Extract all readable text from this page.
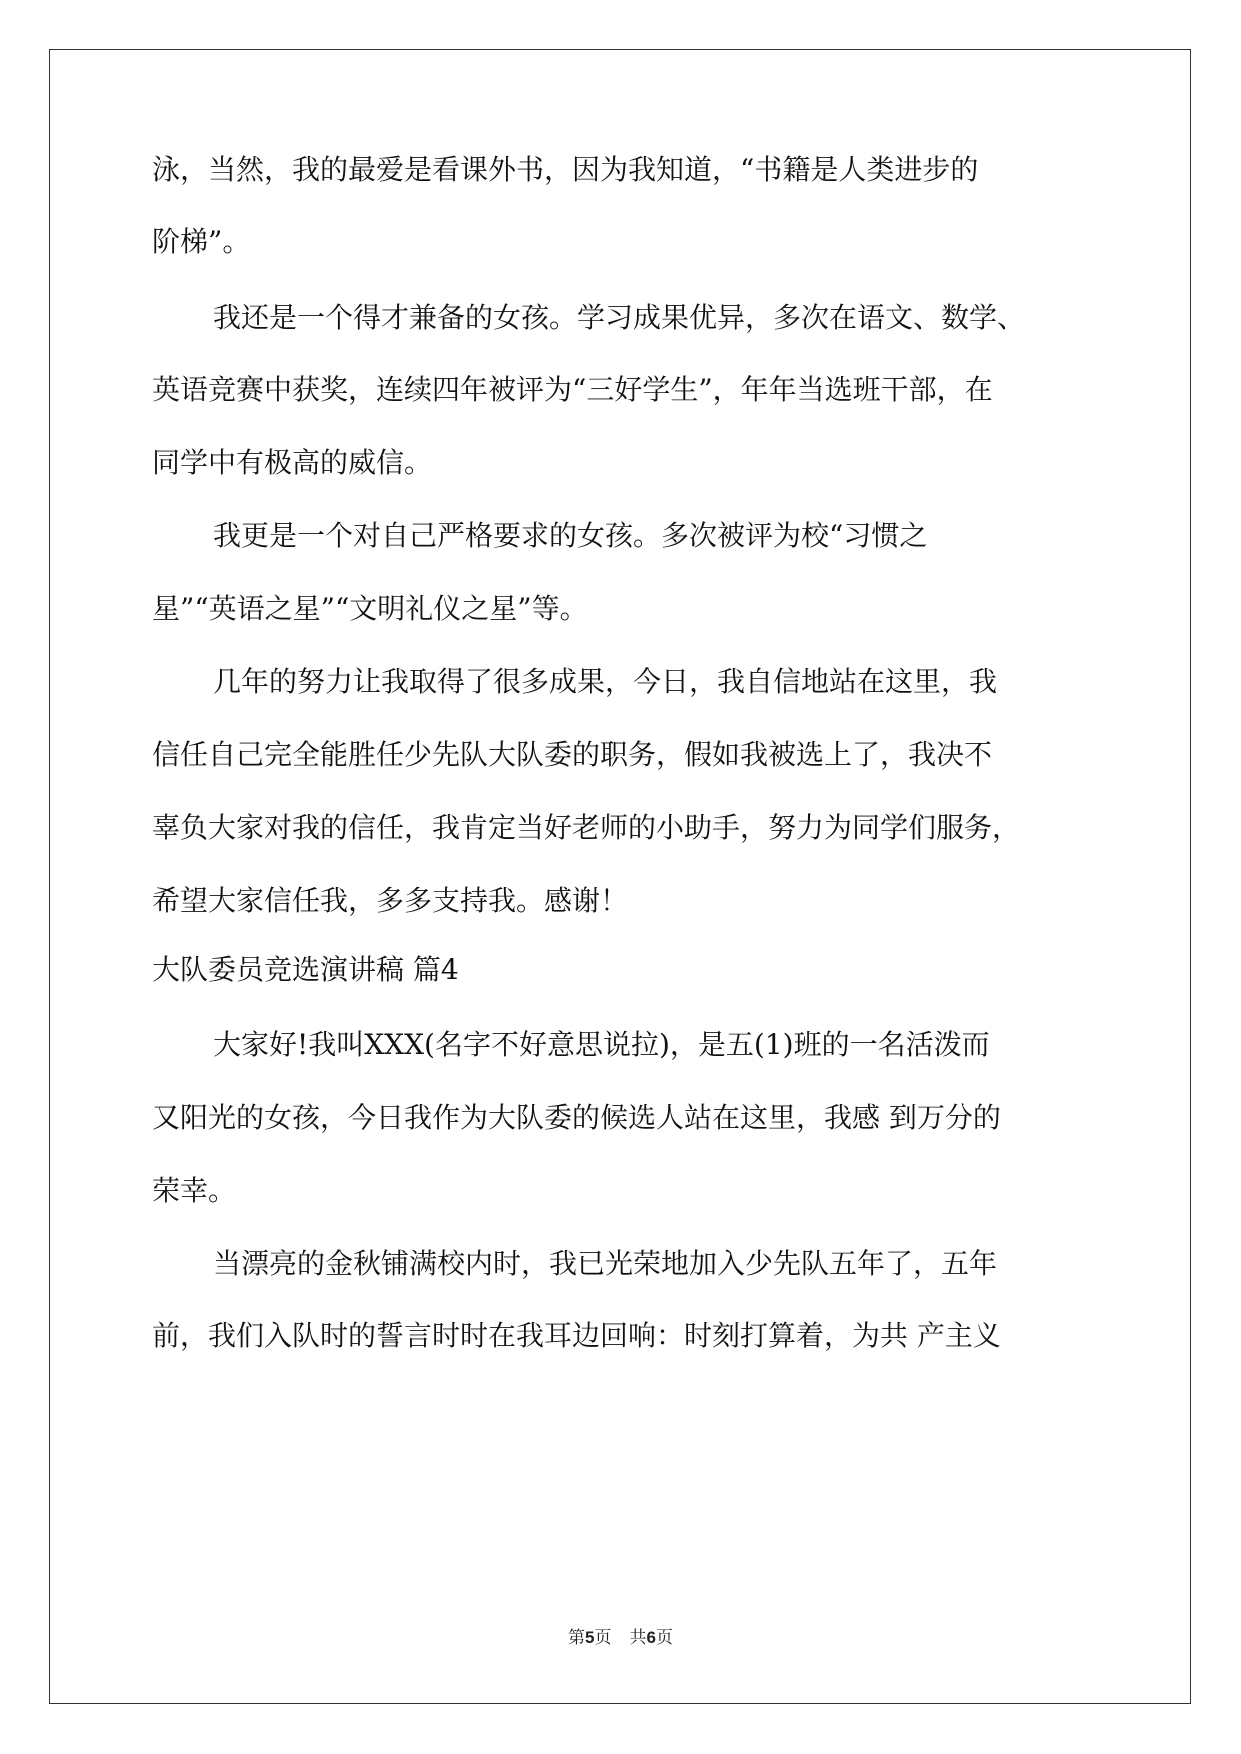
泳，当然，我的最爱是看课外书，因为我知道，“书籍是人类进步的

阶梯”。

我还是一个得才兼备的女孩。学习成果优异，多次在语文、数学、

英语竞赛中获奖，连续四年被评为“三好学生”，年年当选班干部，在

同学中有极高的威信。

我更是一个对自己严格要求的女孩。多次被评为校“习惯之

星”“英语之星”“文明礼仪之星”等。

几年的努力让我取得了很多成果，今日，我自信地站在这里，我

信任自己完全能胜任少先队大队委的职务，假如我被选上了，我决不

辜负大家对我的信任，我肯定当好老师的小助手，努力为同学们服务，

希望大家信任我，多多支持我。感谢！

大队委员竞选演讲稿 篇4

大家好!我叫XXX(名字不好意思说拉)，是五(1)班的一名活泼而

又阳光的女孩，今日我作为大队委的候选人站在这里，我感 到万分的

荣幸。

当漂亮的金秋铺满校内时，我已光荣地加入少先队五年了，五年

前，我们入队时的誓言时时在我耳边回响：时刻打算着，为共 产主义

第5页 共6页
